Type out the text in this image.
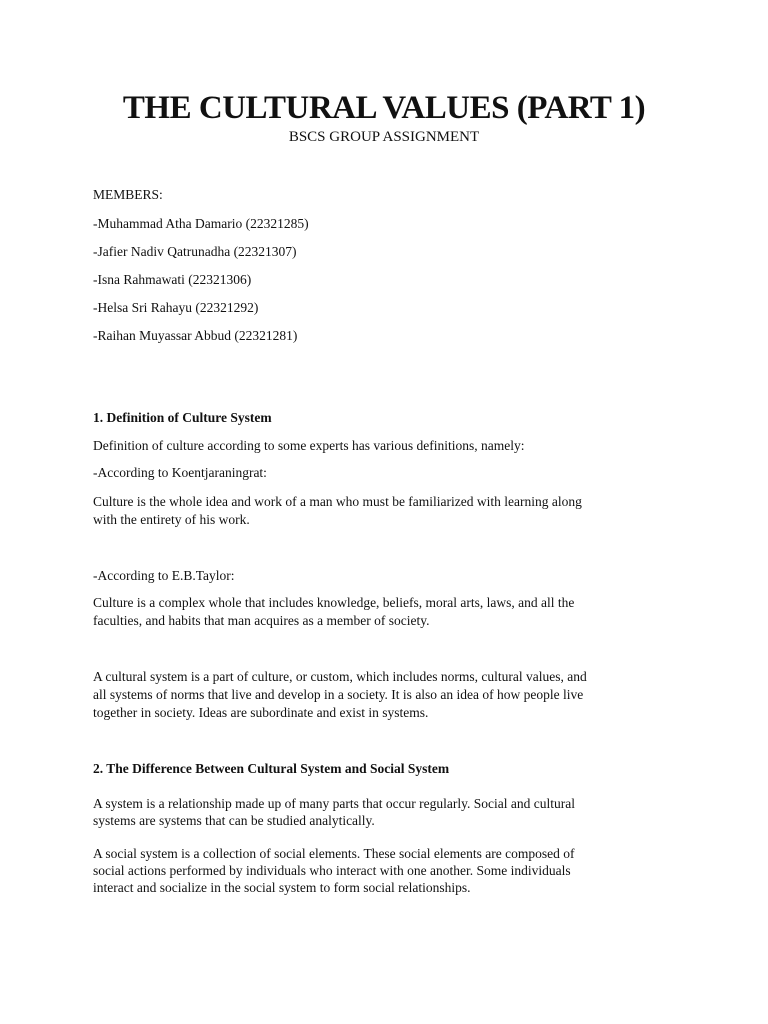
THE CULTURAL VALUES (PART 1)

BSCS GROUP ASSIGNMENT

MEMBERS:

-Muhammad Atha Damario (22321285)

-Jafier Nadiv Qatrunadha (22321307)

-Isna Rahmawati (22321306)

-Helsa Sri Rahayu (22321292)

-Raihan Muyassar Abbud (22321281)

1. Definition of Culture System

Definition of culture according to some experts has various definitions, namely:

-According to Koentjaraningrat:

Culture is the whole idea and work of a man who must be familiarized with learning along
with the entirety of his work.

-According to E.B.Taylor:

Culture is a complex whole that includes knowledge, beliefs, moral arts, laws, and all the
faculties, and habits that man acquires as a member of society.
A cultural system is a part of culture, or custom, which includes norms, cultural values, and
all systems of norms that live and develop in a society. It is also an idea of how people live
together in society. Ideas are subordinate and exist in systems.
2. The Difference Between Cultural System and Social System
A system is a relationship made up of many parts that occur regularly. Social and cultural
systems are systems that can be studied analytically.
A social system is a collection of social elements. These social elements are composed of
social actions performed by individuals who interact with one another. Some individuals
interact and socialize in the social system to form social relationships.
